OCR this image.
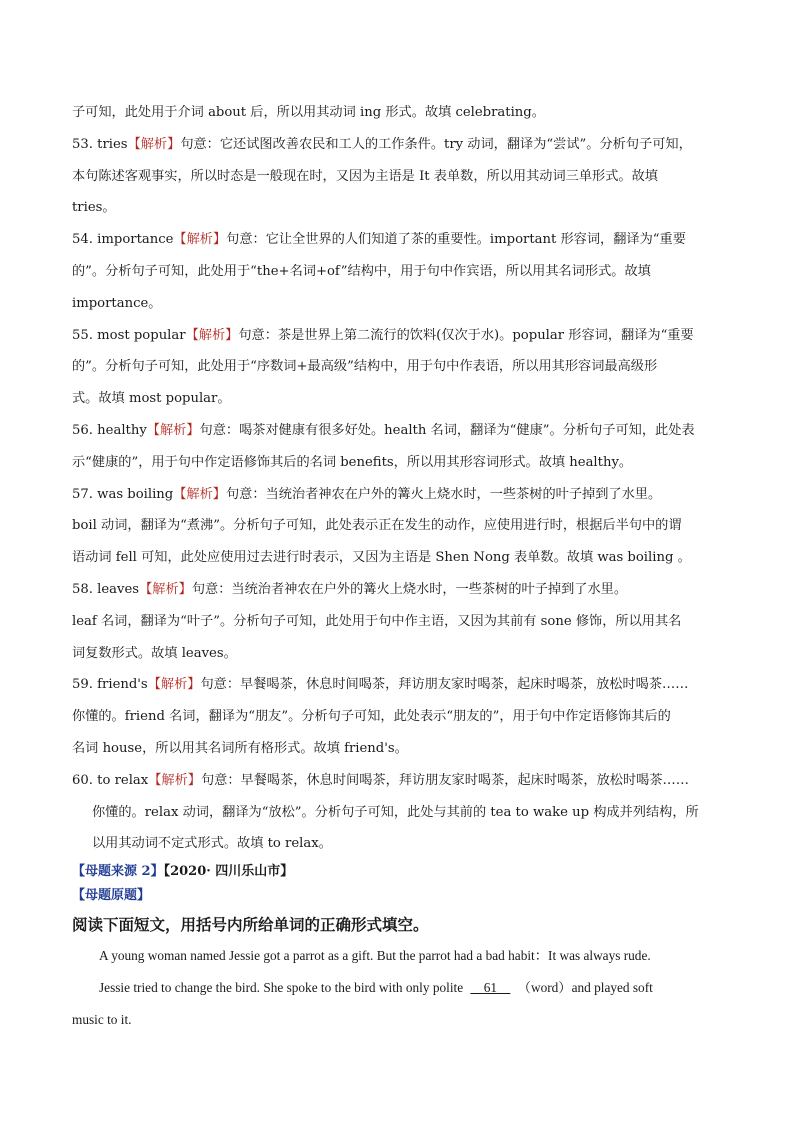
子可知，此处用于介词 about 后，所以用其动词 ing 形式。故填 celebrating。
53. tries【解析】句意：它还试图改善农民和工人的工作条件。try 动词，翻译为“尝试”。分析句子可知，
本句陈述客观事实，所以时态是一般现在时，又因为主语是 It 表单数，所以用其动词三单形式。故填
tries。
54. importance【解析】句意：它让全世界的人们知道了茶的重要性。important 形容词，翻译为“重要
的”。分析句子可知，此处用于“the+名词+of”结构中，用于句中作宾语，所以用其名词形式。故填
importance。
55. most popular【解析】句意：茶是世界上第二流行的饮料(仅次于水)。popular 形容词，翻译为“重要
的”。分析句子可知，此处用于“序数词+最高级”结构中，用于句中作表语，所以用其形容词最高级形
式。故填 most popular。
56. healthy【解析】句意：喝茶对健康有很多好处。health 名词，翻译为“健康”。分析句子可知，此处表
示“健康的”，用于句中作定语修饰其后的名词 benefits，所以用其形容词形式。故填 healthy。
57. was boiling【解析】句意：当统治者神农在户外的篝火上烧水时，一些茶树的叶子掉到了水里。
boil 动词，翻译为“煮沸”。分析句子可知，此处表示正在发生的动作，应使用进行时，根据后半句中的谓
语动词 fell 可知，此处应使用过去进行时表示，又因为主语是 Shen Nong 表单数。故填 was boiling 。
58. leaves【解析】句意：当统治者神农在户外的篝火上烧水时，一些茶树的叶子掉到了水里。
leaf 名词，翻译为“叶子”。分析句子可知，此处用于句中作主语，又因为其前有 sone 修饰，所以用其名
词复数形式。故填 leaves。
59. friend's【解析】句意：早餐喝茶，休息时间喝茶，拜访朋友家时喝茶，起床时喝茶，放松时喝茶……
你懂的。friend 名词，翻译为“朋友”。分析句子可知，此处表示“朋友的”，用于句中作定语修饰其后的
名词 house，所以用其名词所有格形式。故填 friend's。
60. to relax【解析】句意：早餐喝茶，休息时间喝茶，拜访朋友家时喝茶，起床时喝茶，放松时喝茶……
你懂的。relax 动词，翻译为“放松”。分析句子可知，此处与其前的 tea to wake up 构成并列结构，所
以用其动词不定式形式。故填 to relax。
【母题来源 2】【2020· 四川乐山市】
【母题原题】
阅读下面短文，用括号内所给单词的正确形式填空。
A young woman named Jessie got a parrot as a gift. But the parrot had a bad habit：It was always rude.
Jessie tried to change the bird. She spoke to the bird with only polite 61 （word）and played soft
music to it.
